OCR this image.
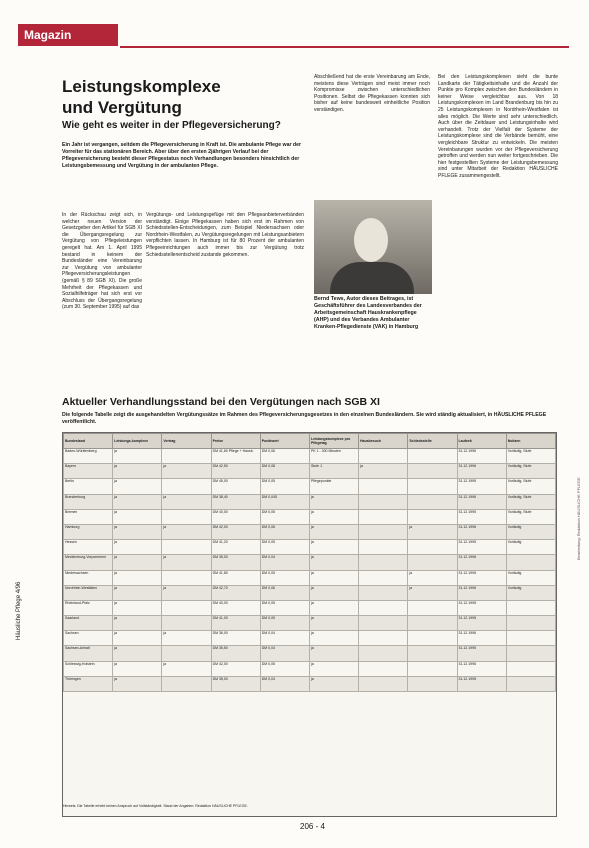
Magazin
Leistungskomplexe
und Vergütung
Wie geht es weiter in der Pflegeversicherung?
Ein Jahr ist vergangen, seitdem die Pflegeversicherung in Kraft ist. Die ambulante Pflege war der Vorreiter für das stationären Bereich. Aber über den ersten 2jährigen Verlauf bei der Pflegeversicherung besteht dieser Pflegestatus noch Verhandlungen besonders hinsichtlich der Leistungsbemessung und Vergütung in der ambulanten Pflege.
In der Rückschau zeigt sich, in welcher neuen Version der Gesetzgeber den Artikel für SGB XI die Übergangsregelung zur Vergütung von Pflegeleistungen geregelt hat. Am 1. April 1995 bestand in keinem der Bundesländer eine Vereinbarung zur Vergütung von ambulanter Pflegeversicherungsleistungen (gemäß § 89 SGB XI). Die große Mehrheit der Pflegekassen und Sozialhilfeträger hat sich erst vor Abschluss der Übergangsregelung (zum 30. September 1995) auf das
Vergütungs- und Leistungsgefüge mit den Pflegeanbieterverbänden verständigt. Einige Pflegekassen haben sich erst im Rahmen von Schiedsstellen-Entscheidungen, zum Beispiel Niedersachsen oder Nordrhein-Westfalen, zu Vergütungsregelungen mit Leistungsanbietern verpflichten lassen. In Hamburg ist für 80 Prozent der ambulanten Pflegeeinrichtungen auch immer bis zur Vergütung trotz Schiedsstellenentscheid zustande gekommen.
Abschließend hat die erste Vereinbarung am Ende, meistens diese Verträgen sind meist immer noch Kompromisse zwischen unterschiedlichen Positionen. Selbst die Pflegekassen konnten sich bisher auf keine bundesweit einheitliche Position verständigen.
Bei den Leistungskomplexen sieht die bunte Landkarte der Tätigkeitsinhalte und die Anzahl der Punkte pro Komplex zwischen den Bundesländern in keiner Weise vergleichbar aus. Von 18 Leistungskomplexen im Land Brandenburg bis hin zu 25 Leistungskomplexen in Nordrhein-Westfalen ist alles möglich. Die Werte sind sehr unterschiedlich. Auch über die Zeitdauer und Leistungsinhalte wird verhandelt. Trotz der Vielfalt der Systeme der Leistungskomplexe sind die Verbände bemüht, eine vergleichbare Struktur zu entwickeln. Die meisten Vereinbarungen wurden vor der Pflegeversicherung getroffen und werden nun weiter fortgeschrieben. Die hier festgestellten Systeme der Leistungsbemessung sind unter Mitarbeit der Redaktion HÄUSLICHE PFLEGE zusammengestellt.
Bernd Tews, Autor dieses Beitrages, ist Geschäftsführer des Landesverbandes der Arbeitsgemeinschaft Hauskrankenpflege (AHP) und des Verbandes Ambulanter Kranken-Pflegedienste (VAK) in Hamburg
Aktueller Verhandlungsstand bei den Vergütungen nach SGB XI
Die folgende Tabelle zeigt die ausgehandelten Vergütungssätze im Rahmen des Pflegeversicherungsgesetzes in den einzelnen Bundesländern. Sie wird ständig aktualisiert, in HÄUSLICHE PFLEGE veröffentlicht.
Bundesland	Leistungs-komplexe	Vertrag	Preise	Punktwert	Leistungskomplexe pro Pflegetag	Hausbesuch	Schiedsstelle	Laufzeit	Notizen
Baden-Württemberg	ja		DM 41,60 Pflege + Hausb.	DM 0,06	PK 1 - 300 Minuten			31.12.1996	Vorläufig, Stufe
Bayern	ja	ja	DM 42,50	DM 0,08	Stufe 1	ja		31.12.1996	Vorläufig, Stufe
Berlin	ja		DM 45,00	DM 0,05	Pflegepunkte			31.12.1995	Vorläufig, Stufe
Brandenburg	ja	ja	DM 38,40	DM 0,045	ja			31.12.1996	Vorläufig, Stufe
Bremen	ja		DM 40,00	DM 0,05	ja			31.12.1995	Vorläufig, Stufe
Hamburg	ja	ja	DM 42,00	DM 0,06	ja		ja	31.12.1996	Vorläufig
Hessen	ja		DM 41,20	DM 0,05	ja			31.12.1995	Vorläufig
Mecklenburg-Vorpommern	ja	ja	DM 35,00	DM 0,04	ja			31.12.1996	
Niedersachsen	ja		DM 41,80	DM 0,05	ja		ja	31.12.1995	Vorläufig
Nordrhein-Westfalen	ja	ja	DM 42,70	DM 0,06	ja		ja	31.12.1996	Vorläufig
Rheinland-Pfalz	ja		DM 40,00	DM 0,05	ja			31.12.1995	
Saarland	ja		DM 41,00	DM 0,05	ja			31.12.1995	
Sachsen	ja	ja	DM 36,00	DM 0,04	ja			31.12.1996	
Sachsen-Anhalt	ja		DM 35,50	DM 0,04	ja			31.12.1995	
Schleswig-Holstein	ja	ja	DM 42,00	DM 0,05	ja			31.12.1996	
Thüringen	ja		DM 35,00	DM 0,04	ja			31.12.1995	
Hinweis: Die Tabelle erhebt keinen Anspruch auf Vollständigkeit. Stand der Angaben: Redaktion HÄUSLICHE PFLEGE.
Häusliche Pflege 4/96
Bearbeitung: Redaktion HÄUSLICHE PFLEGE
206 - 4
